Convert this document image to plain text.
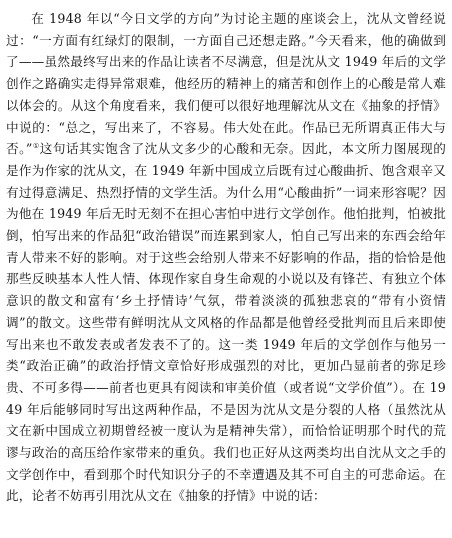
在 1948 年以“今日文学的方向”为讨论主题的座谈会上，沈从文曾经说过：“一方面有红绿灯的限制，一方面自己还想走路。”今天看来，他的确做到了——虽然最终写出来的作品让读者不尽满意，但是沈从文 1949 年后的文学创作之路确实走得异常艰难，他经历的精神上的痛苦和创作上的心酸是常人难以体会的。从这个角度看来，我们便可以很好地理解沈从文在《抽象的抒情》中说的：“总之，写出来了，不容易。伟大处在此。作品已无所谓真正伟大与否。”①这句话其实饱含了沈从文多少的心酸和无奈。因此，本文所力图展现的是作为作家的沈从文，在 1949 年新中国成立后既有过心酸曲折、饱含艰辛又有过得意满足、热烈抒情的文学生活。为什么用“心酸曲折”一词来形容呢？因为他在 1949 年后无时无刻不在担心害怕中进行文学创作。他怕批判，怕被批倒，怕写出来的作品犯“政治错误”而连累到家人，怕自己写出来的东西会给年青人带来不好的影响。对于这些会给别人带来不好影响的作品，指的恰恰是他那些反映基本人性人情、体现作家自身生命观的小说以及有锋芒、有独立个体意识的散文和富有‘乡土抒情诗’气氛，带着淡淡的孤独悲哀的“带有小资情调”的散文。这些带有鲜明沈从文风格的作品都是他曾经受批判而且后来即使写出来也不敢发表或者发表不了的。这一类 1949 年后的文学创作与他另一类“政治正确”的政治抒情文章恰好形成强烈的对比，更加凸显前者的弥足珍贵、不可多得——前者也更具有阅读和审美价值（或者说“文学价值”）。在 1949 年后能够同时写出这两种作品，不是因为沈从文是分裂的人格（虽然沈从文在新中国成立初期曾经被一度认为是精神失常），而恰恰证明那个时代的荒谬与政治的高压给作家带来的重负。我们也正好从这两类均出自沈从文之手的文学创作中，看到那个时代知识分子的不幸遭遇及其不可自主的可悲命运。在此，论者不妨再引用沈从文在《抽象的抒情》中说的话：
